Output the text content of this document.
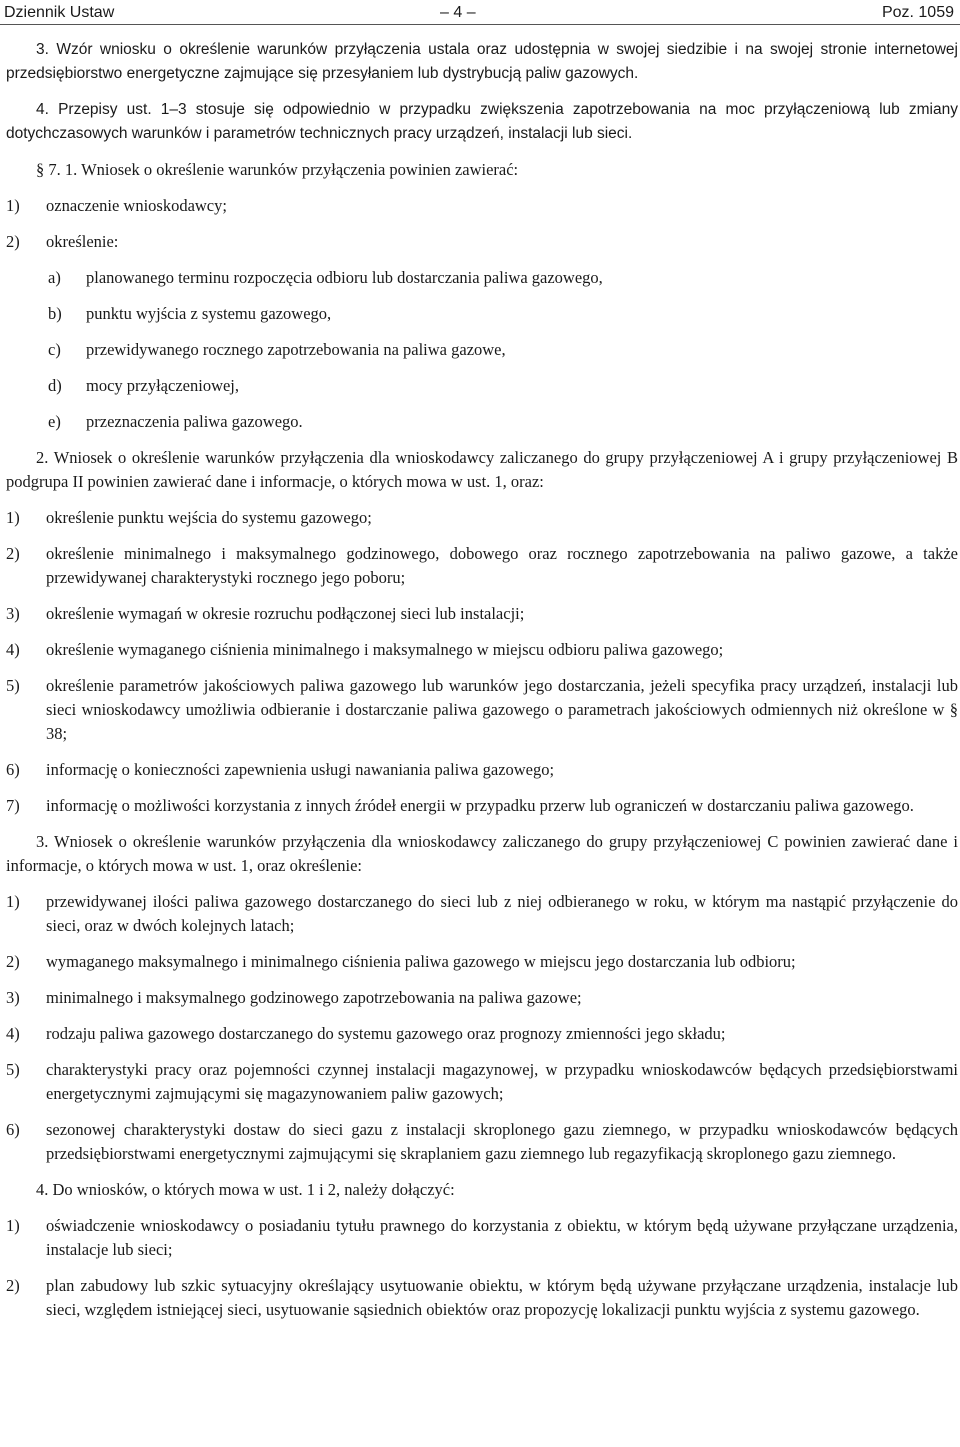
Dziennik Ustaw	– 4 –	Poz. 1059
3. Wzór wniosku o określenie warunków przyłączenia ustala oraz udostępnia w swojej siedzibie i na swojej stronie internetowej przedsiębiorstwo energetyczne zajmujące się przesyłaniem lub dystrybucją paliw gazowych.
4. Przepisy ust. 1–3 stosuje się odpowiednio w przypadku zwiększenia zapotrzebowania na moc przyłączeniową lub zmiany dotychczasowych warunków i parametrów technicznych pracy urządzeń, instalacji lub sieci.
§ 7. 1. Wniosek o określenie warunków przyłączenia powinien zawierać:
1) oznaczenie wnioskodawcy;
2) określenie:
a) planowanego terminu rozpoczęcia odbioru lub dostarczania paliwa gazowego,
b) punktu wyjścia z systemu gazowego,
c) przewidywanego rocznego zapotrzebowania na paliwa gazowe,
d) mocy przyłączeniowej,
e) przeznaczenia paliwa gazowego.
2. Wniosek o określenie warunków przyłączenia dla wnioskodawcy zaliczanego do grupy przyłączeniowej A i grupy przyłączeniowej B podgrupa II powinien zawierać dane i informacje, o których mowa w ust. 1, oraz:
1) określenie punktu wejścia do systemu gazowego;
2) określenie minimalnego i maksymalnego godzinowego, dobowego oraz rocznego zapotrzebowania na paliwo gazowe, a także przewidywanej charakterystyki rocznego jego poboru;
3) określenie wymagań w okresie rozruchu podłączonej sieci lub instalacji;
4) określenie wymaganego ciśnienia minimalnego i maksymalnego w miejscu odbioru paliwa gazowego;
5) określenie parametrów jakościowych paliwa gazowego lub warunków jego dostarczania, jeżeli specyfika pracy urządzeń, instalacji lub sieci wnioskodawcy umożliwia odbieranie i dostarczanie paliwa gazowego o parametrach jakościowych odmiennych niż określone w § 38;
6) informację o konieczności zapewnienia usługi nawaniania paliwa gazowego;
7) informację o możliwości korzystania z innych źródeł energii w przypadku przerw lub ograniczeń w dostarczaniu paliwa gazowego.
3. Wniosek o określenie warunków przyłączenia dla wnioskodawcy zaliczanego do grupy przyłączeniowej C powinien zawierać dane i informacje, o których mowa w ust. 1, oraz określenie:
1) przewidywanej ilości paliwa gazowego dostarczanego do sieci lub z niej odbieranego w roku, w którym ma nastąpić przyłączenie do sieci, oraz w dwóch kolejnych latach;
2) wymaganego maksymalnego i minimalnego ciśnienia paliwa gazowego w miejscu jego dostarczania lub odbioru;
3) minimalnego i maksymalnego godzinowego zapotrzebowania na paliwa gazowe;
4) rodzaju paliwa gazowego dostarczanego do systemu gazowego oraz prognozy zmienności jego składu;
5) charakterystyki pracy oraz pojemności czynnej instalacji magazynowej, w przypadku wnioskodawców będących przedsiębiorstwami energetycznymi zajmującymi się magazynowaniem paliw gazowych;
6) sezonowej charakterystyki dostaw do sieci gazu z instalacji skroplonego gazu ziemnego, w przypadku wnioskodawców będących przedsiębiorstwami energetycznymi zajmującymi się skraplaniem gazu ziemnego lub regazyfikacją skroplonego gazu ziemnego.
4. Do wniosków, o których mowa w ust. 1 i 2, należy dołączyć:
1) oświadczenie wnioskodawcy o posiadaniu tytułu prawnego do korzystania z obiektu, w którym będą używane przyłączane urządzenia, instalacje lub sieci;
2) plan zabudowy lub szkic sytuacyjny określający usytuowanie obiektu, w którym będą używane przyłączane urządzenia, instalacje lub sieci, względem istniejącej sieci, usytuowanie sąsiednich obiektów oraz propozycję lokalizacji punktu wyjścia z systemu gazowego.
